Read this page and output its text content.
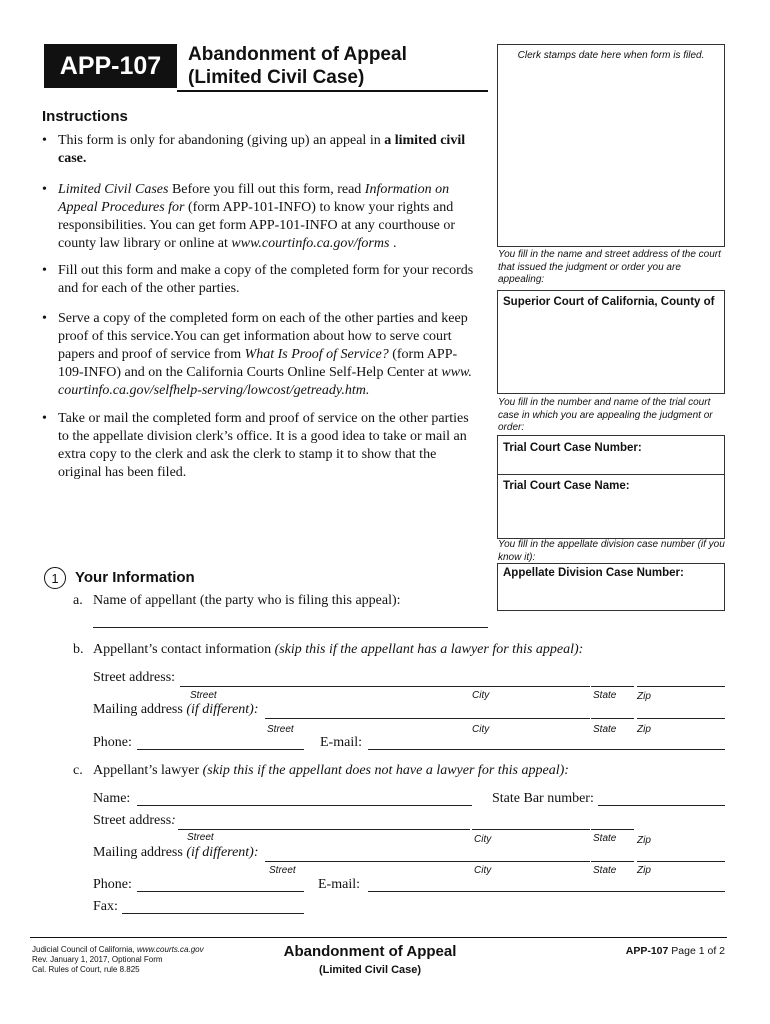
APP-107	Abandonment of Appeal
(Limited Civil Case)
Clerk stamps date here when form is filed.
Instructions
• This form is only for abandoning (giving up) an appeal in a limited civil case.
• Limited Civil Cases Before you fill out this form, read Information on Appeal Procedures for (form APP-101-INFO) to know your rights and responsibilities. You can get form APP-101-INFO at any courthouse or county law library or online at www.courtinfo.ca.gov/forms .
• Fill out this form and make a copy of the completed form for your records and for each of the other parties.
• Serve a copy of the completed form on each of the other parties and keep proof of this service.You can get information about how to serve court papers and proof of service from What Is Proof of Service? (form APP-109-INFO) and on the California Courts Online Self-Help Center at www. courtinfo.ca.gov/selfhelp-serving/lowcost/getready.htm.
• Take or mail the completed form and proof of service on the other parties to the appellate division clerk’s office. It is a good idea to take or mail an extra copy to the clerk and ask the clerk to stamp it to show that the original has been filed.
You fill in the name and street address of the court that issued the judgment or order you are appealing:
Superior Court of California, County of
You fill in the number and name of the trial court case in which you are appealing the judgment or order:
Trial Court Case Number:
Trial Court Case Name:
You fill in the appellate division case number (if you know it):
Appellate Division Case Number:
1	Your Information
a. Name of appellant (the party who is filing this appeal):
b. Appellant’s contact information (skip this if the appellant has a lawyer for this appeal):
Street address:
Street	City	State Zip
Mailing address (if different):
Street	City	State Zip
Phone:	E-mail:
c. Appellant’s lawyer (skip this if the appellant does not have a lawyer for this appeal):
Name:	State Bar number:
Street address:
Street	City	State Zip
Mailing address (if different):
Street	City	State Zip
Phone:	E-mail:
Fax:
Judicial Council of California, www.courts.ca.gov
Rev. January 1, 2017, Optional Form
Cal. Rules of Court, rule 8.825
Abandonment of Appeal
(Limited Civil Case)
APP-107 Page 1 of 2
